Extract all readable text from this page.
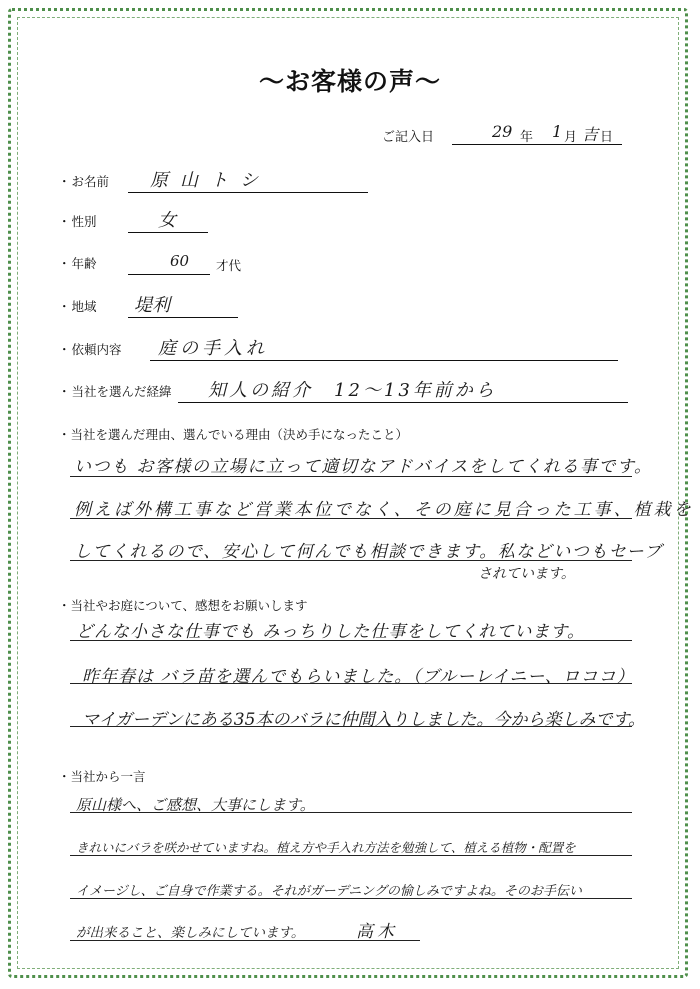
〜お客様の声〜
ご記入日	29 年 1 月 吉 日
・ お名前 原山トシ
・ 性別	女
・ 年齢	60 才代
・ 地域 堤利
・ 依頼内容 庭の手入れ
・ 当社を選んだ経緯 知人の紹介　12〜13年前から
・ 当社を選んだ理由、選んでいる理由（決め手になったこと）
いつも お客様の立場に立って適切なアドバイスをしてくれる事です。
例えば外構工事など営業本位でなく、その庭に見合った工事、植栽を
してくれるので、安心して何んでも相談できます。私などいつもセーブ
されています。
・ 当社やお庭について、感想をお願いします
どんな小さな仕事でも みっちりした仕事をしてくれています。
昨年春は バラ苗を選んでもらいました。（ブルーレイニー、ロココ）
マイガーデンにある35本のバラに仲間入りしました。今から楽しみです。
・ 当社から一言
原山様へ、ご感想、大事にします。
きれいにバラを咲かせていますね。植え方や手入れ方法を勉強して、植える植物・配置を
イメージし、ご自身で作業する。それがガーデニングの愉しみですよね。そのお手伝い
が出来ること、楽しみにしています。	高木
